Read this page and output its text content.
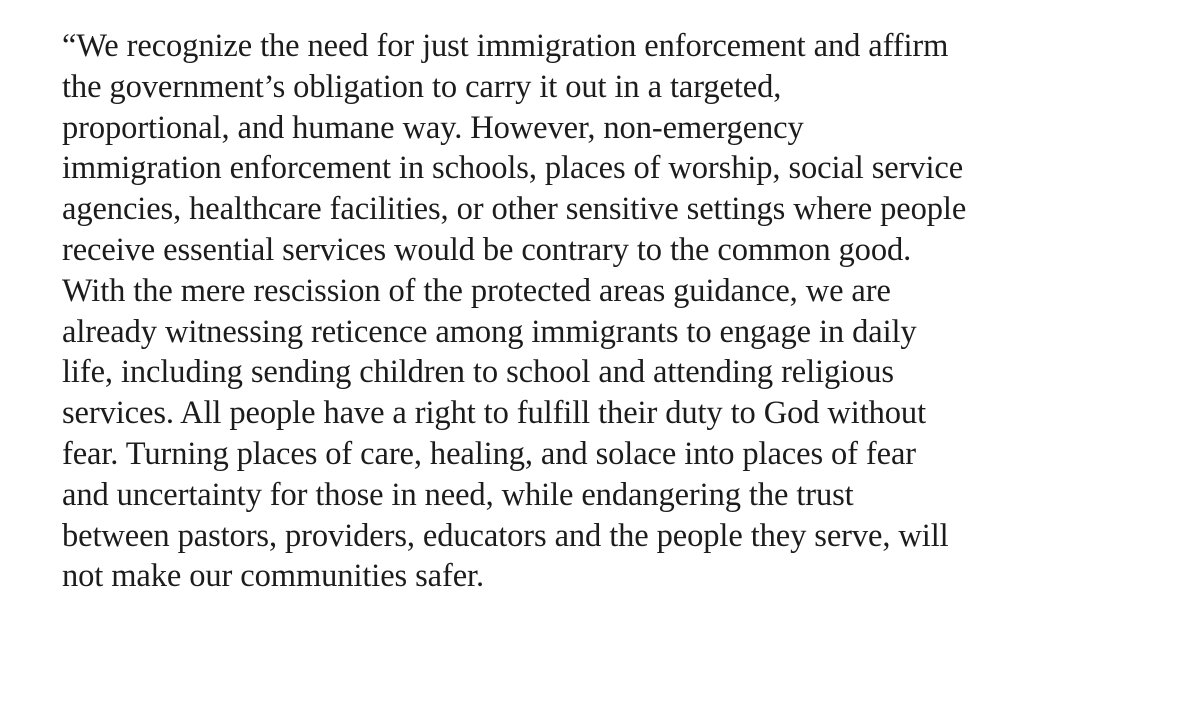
“We recognize the need for just immigration enforcement and affirm
the government’s obligation to carry it out in a targeted,
proportional, and humane way. However, non-emergency
immigration enforcement in schools, places of worship, social service
agencies, healthcare facilities, or other sensitive settings where people
receive essential services would be contrary to the common good.
With the mere rescission of the protected areas guidance, we are
already witnessing reticence among immigrants to engage in daily
life, including sending children to school and attending religious
services. All people have a right to fulfill their duty to God without
fear. Turning places of care, healing, and solace into places of fear
and uncertainty for those in need, while endangering the trust
between pastors, providers, educators and the people they serve, will
not make our communities safer.
